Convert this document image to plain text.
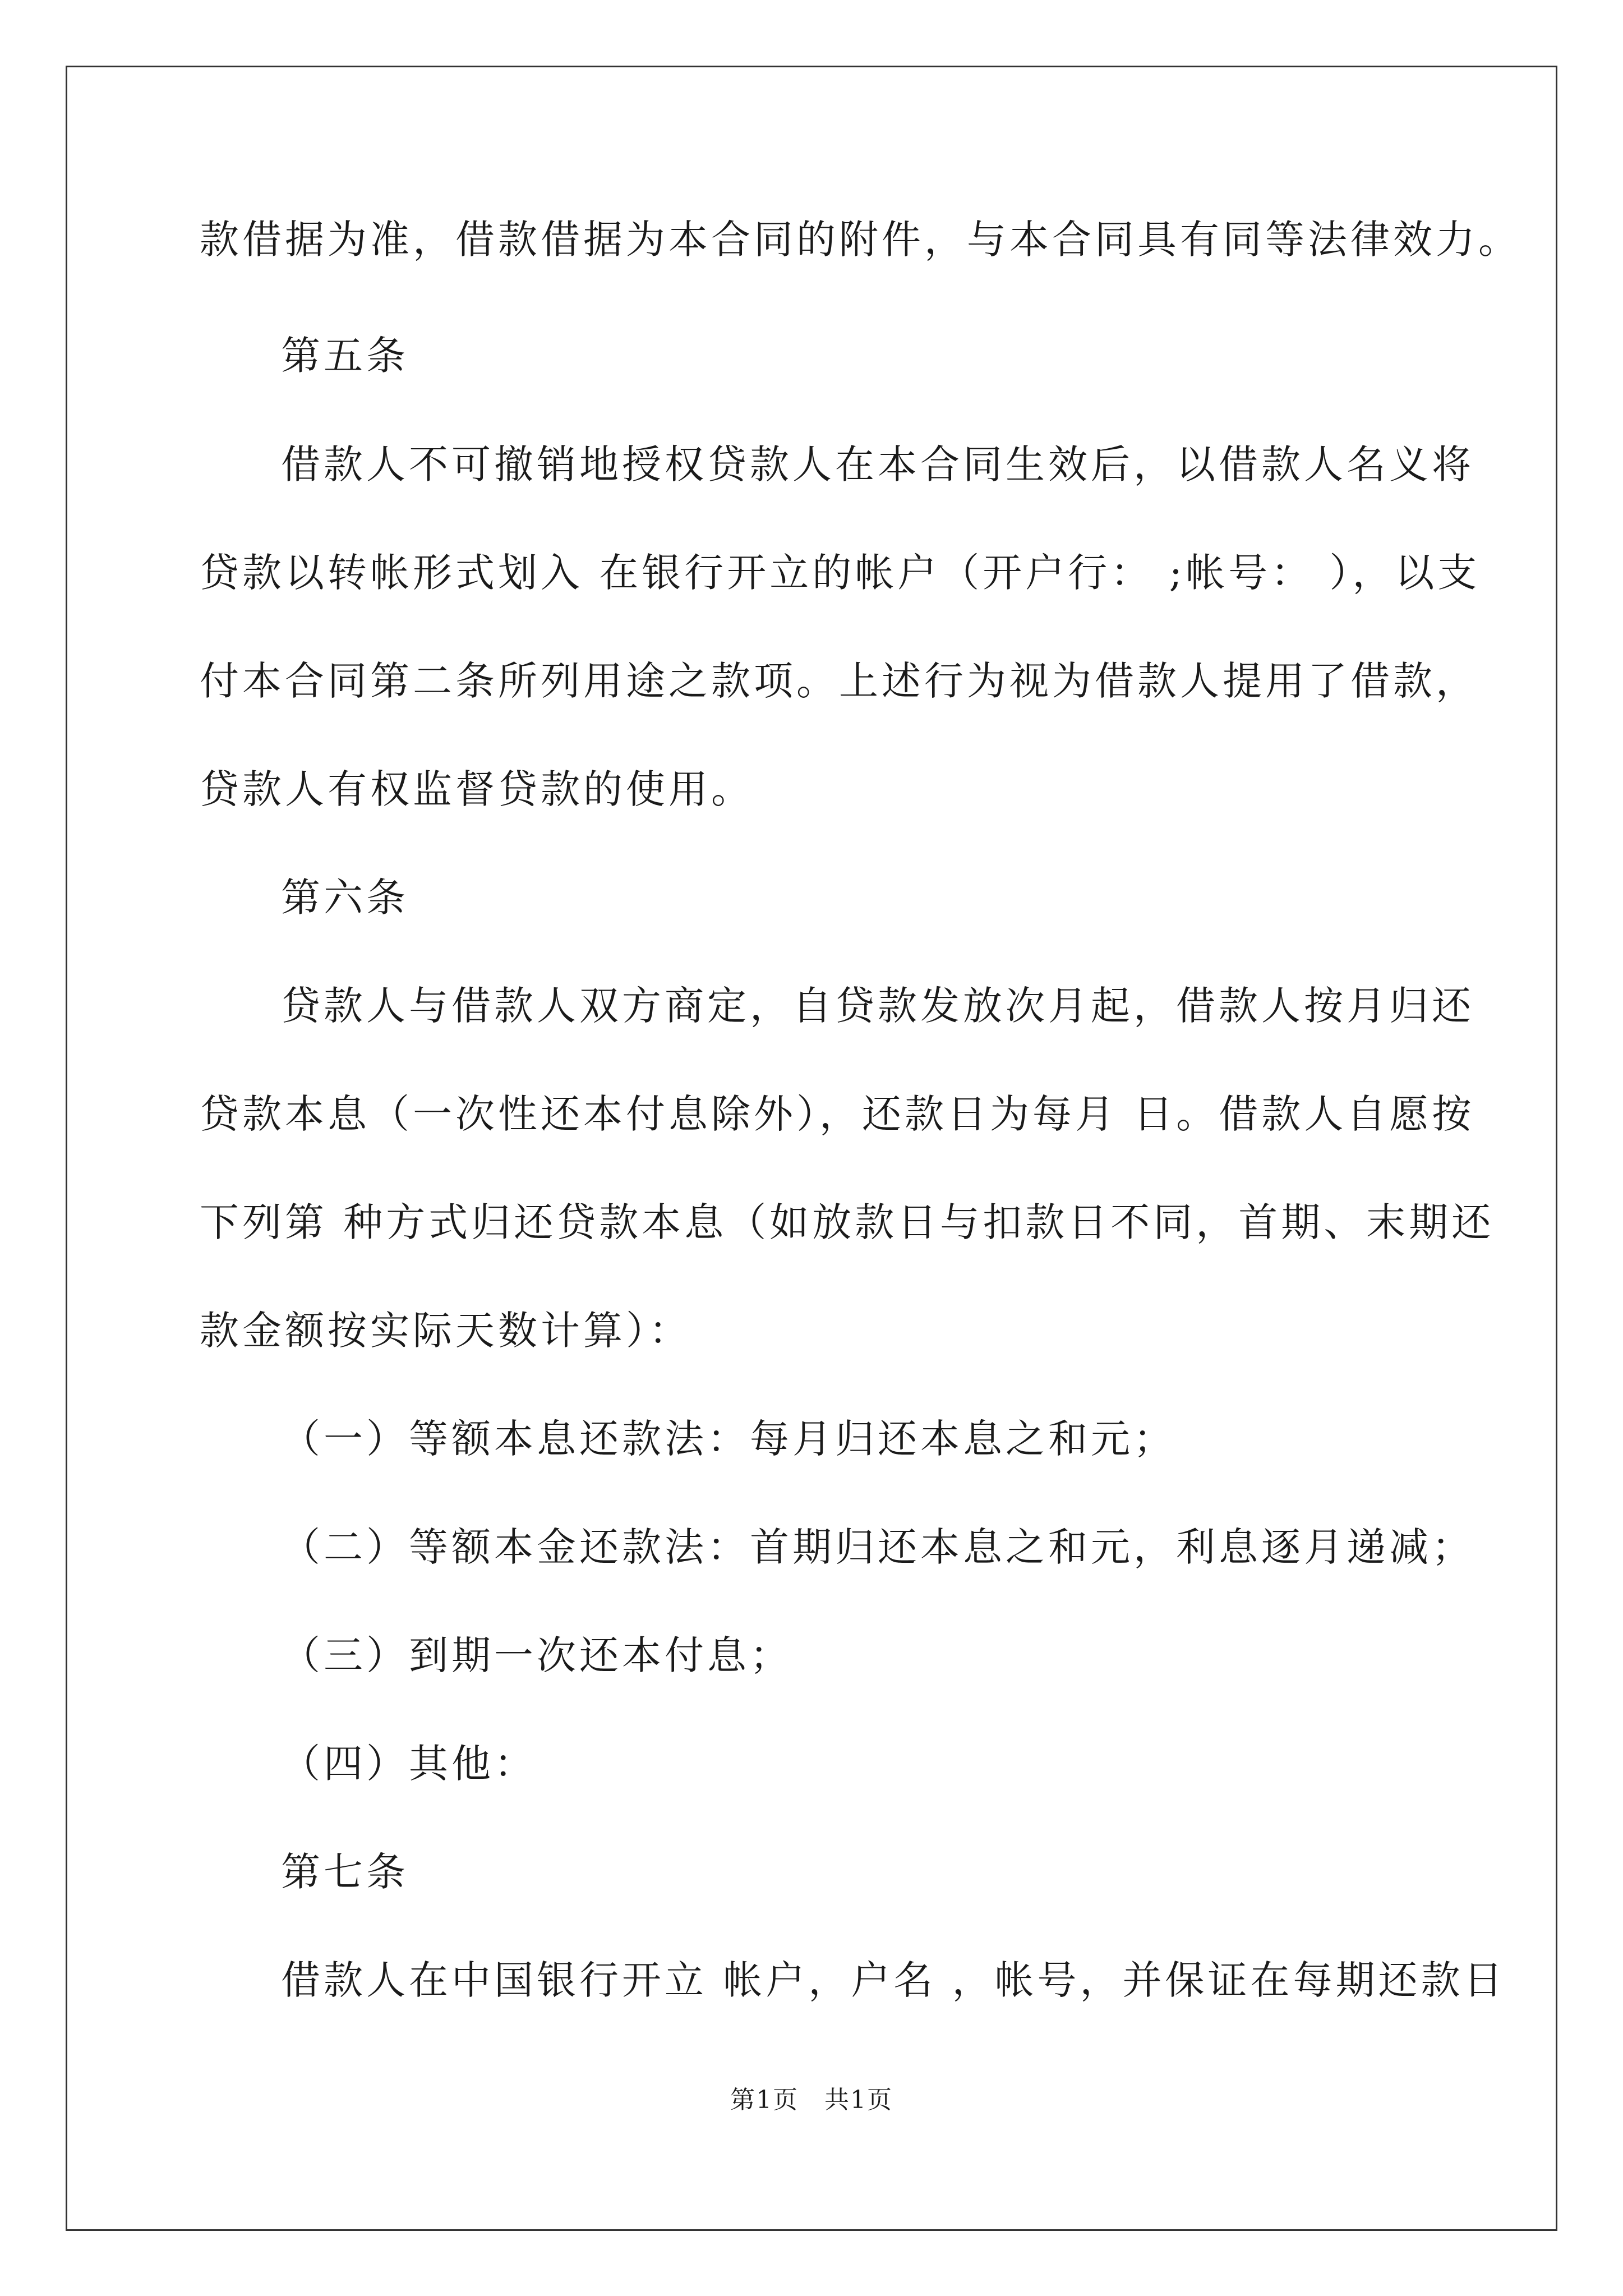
款借据为准，借款借据为本合同的附件，与本合同具有同等法律效力。
第五条
借款人不可撤销地授权贷款人在本合同生效后，以借款人名义将
贷款以转帐形式划入 在银行开立的帐户（开户行： ;帐号： ），以支
付本合同第二条所列用途之款项。上述行为视为借款人提用了借款，
贷款人有权监督贷款的使用。
第六条
贷款人与借款人双方商定，自贷款发放次月起，借款人按月归还
贷款本息（一次性还本付息除外），还款日为每月 日。借款人自愿按
下列第 种方式归还贷款本息（如放款日与扣款日不同，首期、末期还
款金额按实际天数计算）：
（一）等额本息还款法：每月归还本息之和元；
（二）等额本金还款法：首期归还本息之和元，利息逐月递减；
（三）到期一次还本付息；
（四）其他：
第七条
借款人在中国银行开立 帐户，户名 ，帐号，并保证在每期还款日
第1页　共1页
